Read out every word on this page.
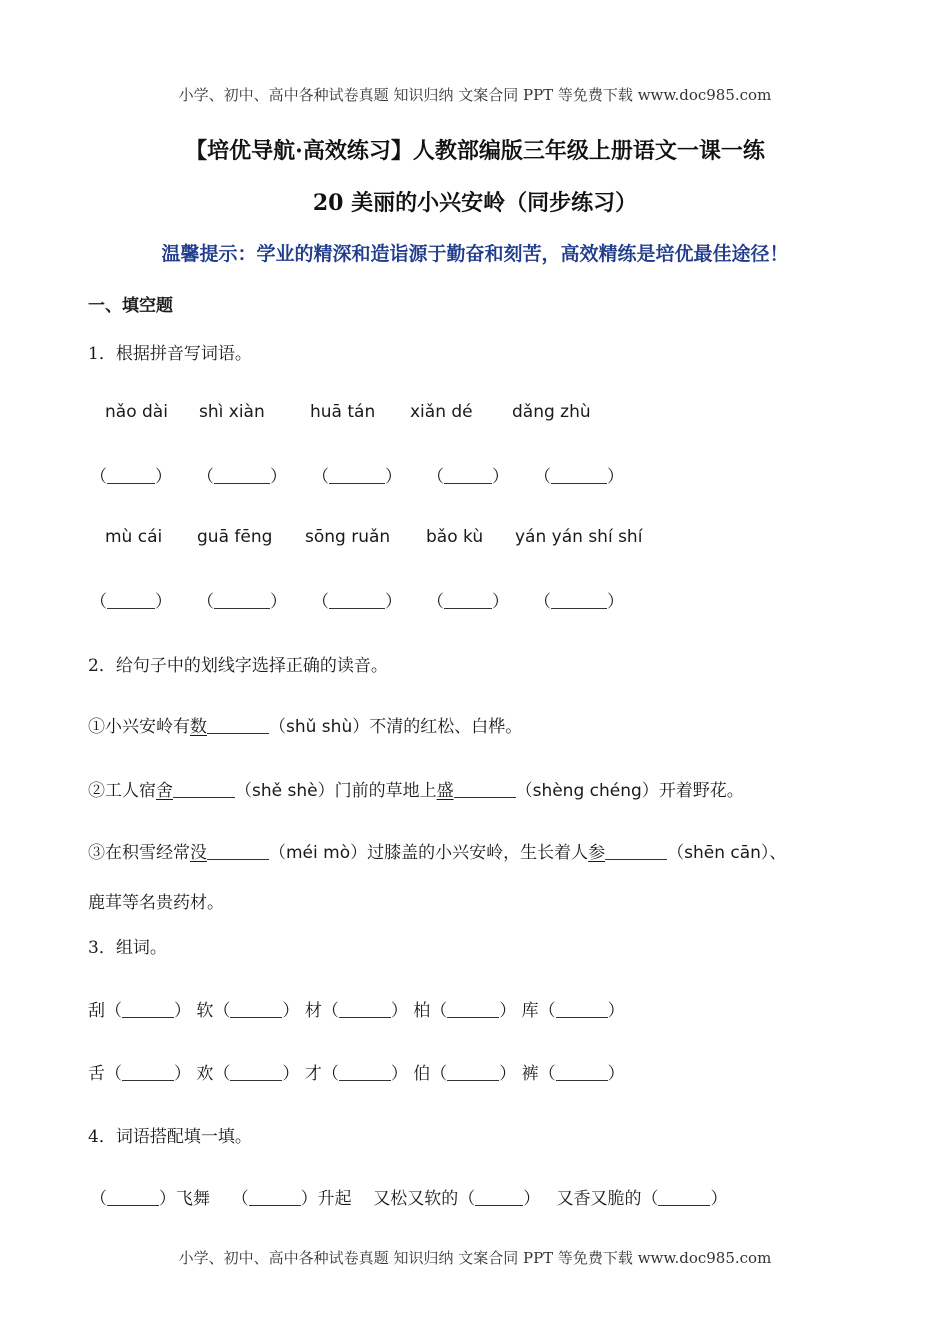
小学、初中、高中各种试卷真题 知识归纳 文案合同 PPT 等免费下载 www.doc985.com
【培优导航·高效练习】人教部编版三年级上册语文一课一练
20 美丽的小兴安岭（同步练习）
温馨提示：学业的精深和造诣源于勤奋和刻苦，高效精练是培优最佳途径！
一、填空题
1．根据拼音写词语。
nǎo dài shì xiàn	huā tán xiǎn dé dǎng zhù
（	） （	） （	） （	） （	）
mù cái guā fēng sōng ruǎn bǎo kù yán yán shí shí
（	） （	） （	） （	） （	）
2．给句子中的划线字选择正确的读音。
①小兴安岭有数	（shǔ shù）不清的红松、白桦。
②工人宿舍	（shě shè）门前的草地上盛	（shèng chéng）开着野花。
③在积雪经常没	（méi mò）过膝盖的小兴安岭，生长着人参	（shēn cān）、
鹿茸等名贵药材。
3．组词。
刮（	） 软（	） 材（	） 柏（	） 库（	）
舌（	） 欢（	） 才（	） 伯（	） 裤（	）
4．词语搭配填一填。
（	）飞舞 （	）升起 又松又软的（	） 又香又脆的（	）
小学、初中、高中各种试卷真题 知识归纳 文案合同 PPT 等免费下载 www.doc985.com
